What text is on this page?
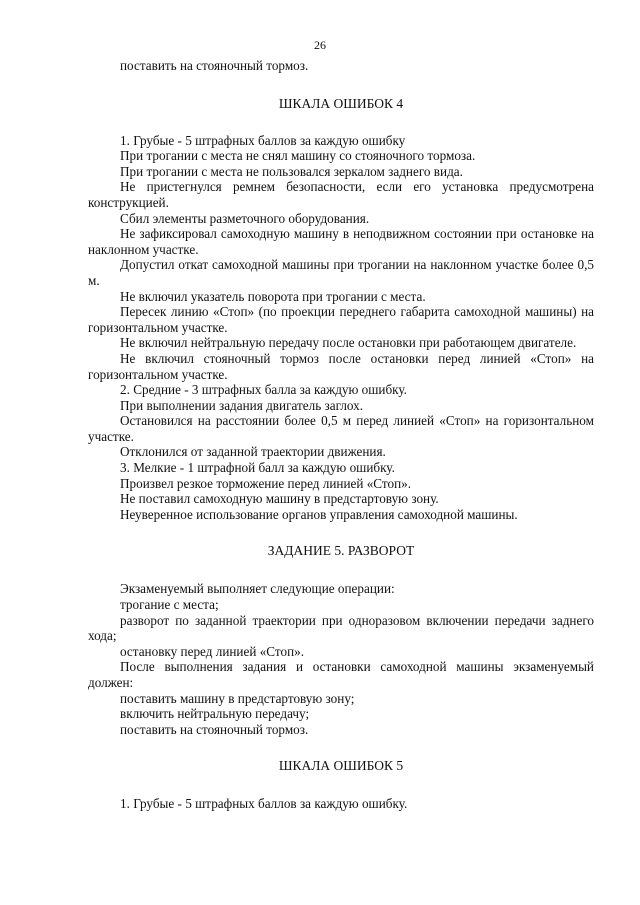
26

поставить на стояночный тормоз.

ШКАЛА ОШИБОК 4

1. Грубые - 5 штрафных баллов за каждую ошибку

При трогании с места не снял машину со стояночного тормоза.

При трогании с места не пользовался зеркалом заднего вида.

Не пристегнулся ремнем безопасности, если его установка предусмотрена конструкцией.

Сбил элементы разметочного оборудования.

Не зафиксировал самоходную машину в неподвижном состоянии при остановке на наклонном участке.

Допустил откат самоходной машины при трогании на наклонном участке более 0,5 м.

Не включил указатель поворота при трогании с места.

Пересек линию «Стоп» (по проекции переднего габарита самоходной машины) на горизонтальном участке.

Не включил нейтральную передачу после остановки при работающем двигателе.

Не включил стояночный тормоз после остановки перед линией «Стоп» на горизонтальном участке.

2. Средние - 3 штрафных балла за каждую ошибку.

При выполнении задания двигатель заглох.

Остановился на расстоянии более 0,5 м перед линией «Стоп» на горизонтальном участке.

Отклонился от заданной траектории движения.

3. Мелкие - 1 штрафной балл за каждую ошибку.

Произвел резкое торможение перед линией «Стоп».

Не поставил самоходную машину в предстартовую зону.

Неуверенное использование органов управления самоходной машины.

ЗАДАНИЕ 5. РАЗВОРОТ

Экзаменуемый выполняет следующие операции:

трогание с места;

разворот по заданной траектории при одноразовом включении передачи заднего хода;

остановку перед линией «Стоп».

После выполнения задания и остановки самоходной машины экзаменуемый должен:

поставить машину в предстартовую зону;

включить нейтральную передачу;

поставить на стояночный тормоз.

ШКАЛА ОШИБОК 5

1. Грубые - 5 штрафных баллов за каждую ошибку.
